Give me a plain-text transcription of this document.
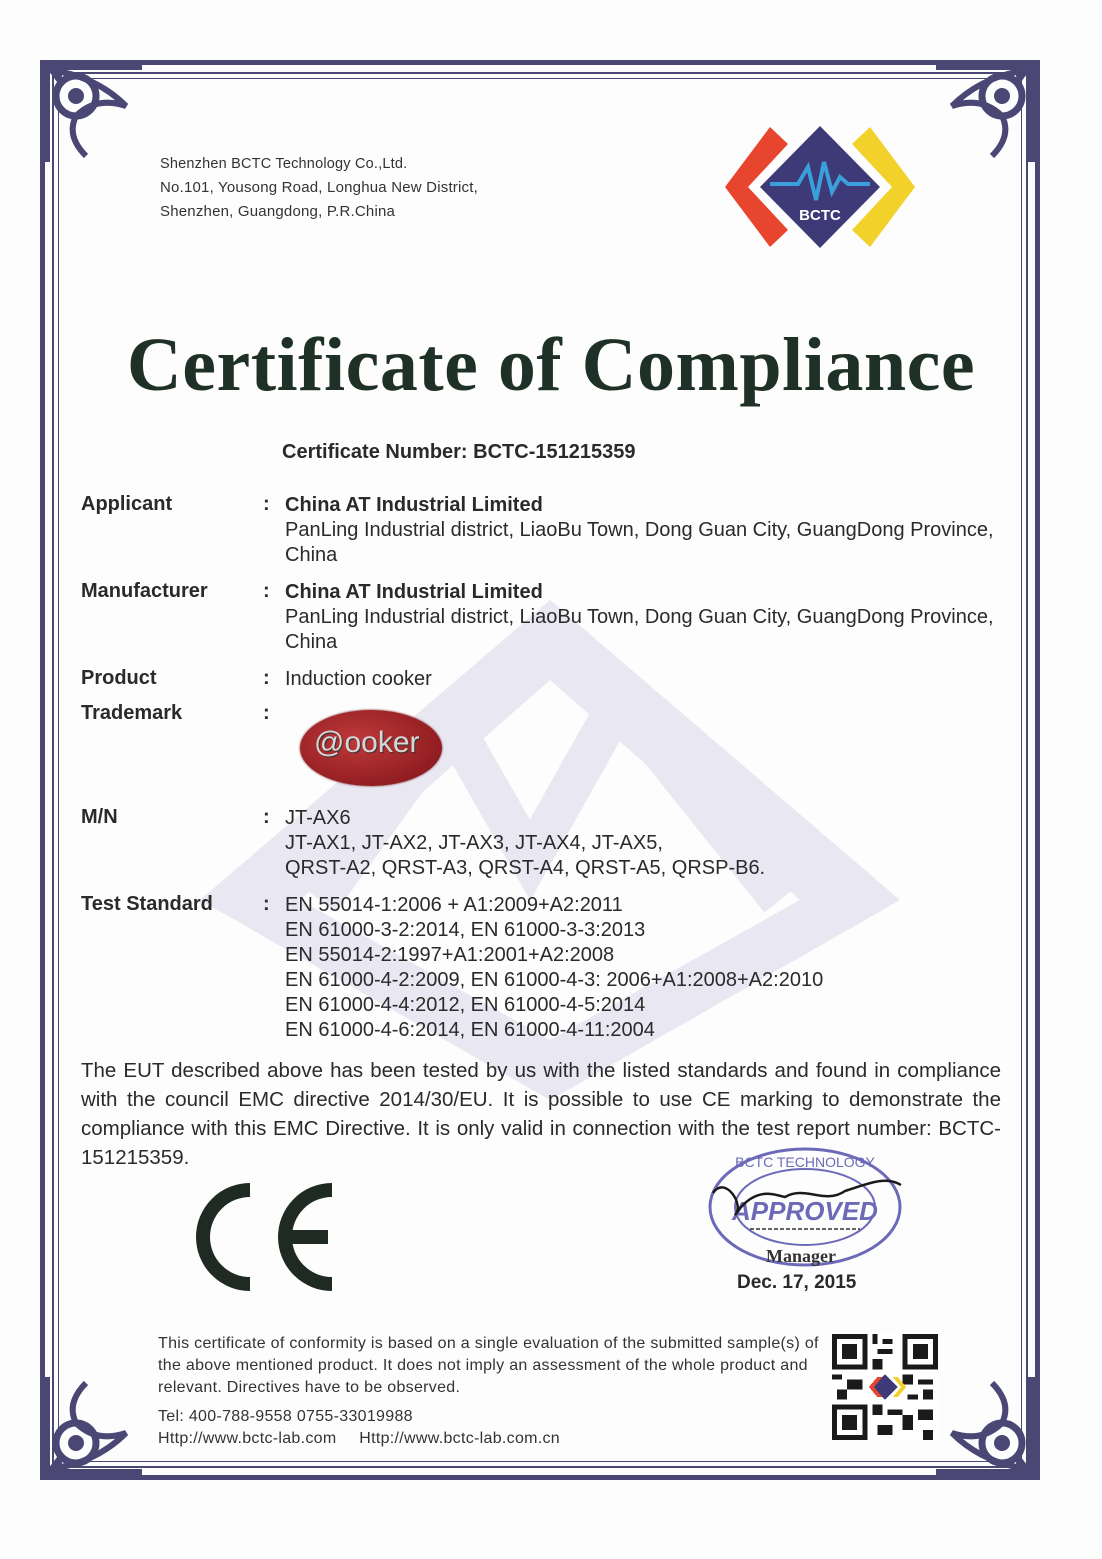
Shenzhen BCTC Technology Co.,Ltd.
No.101, Yousong Road, Longhua New District,
Shenzhen, Guangdong, P.R.China	BCTC
Certificate of Compliance
Certificate Number: BCTC-151215359
Applicant	: China AT Industrial Limited
PanLing Industrial district, LiaoBu Town, Dong Guan City, GuangDong Province, China
Manufacturer	: China AT Industrial Limited
PanLing Industrial district, LiaoBu Town, Dong Guan City, GuangDong Province, China
Product	: Induction cooker
Trademark	:
@ooker
M/N	: JT-AX6
JT-AX1, JT-AX2, JT-AX3, JT-AX4, JT-AX5,
QRST-A2, QRST-A3, QRST-A4, QRST-A5, QRSP-B6.
Test Standard	: EN 55014-1:2006 + A1:2009+A2:2011
EN 61000-3-2:2014, EN 61000-3-3:2013
EN 55014-2:1997+A1:2001+A2:2008
EN 61000-4-2:2009, EN 61000-4-3: 2006+A1:2008+A2:2010
EN 61000-4-4:2012, EN 61000-4-5:2014
EN 61000-4-6:2014, EN 61000-4-11:2004
The EUT described above has been tested by us with the listed standards and found in compliance with the council EMC directive 2014/30/EU. It is possible to use CE marking to demonstrate the compliance with this EMC Directive. It is only valid in connection with the test report number: BCTC-151215359.
APPROVED
BCTC TECHNOLOGY
Manager
Dec. 17, 2015
This certificate of conformity is based on a single evaluation of the submitted sample(s) of the above mentioned product. It does not imply an assessment of the whole product and relevant. Directives have to be observed.
Tel: 400-788-9558 0755-33019988
Http://www.bctc-lab.com Http://www.bctc-lab.com.cn
